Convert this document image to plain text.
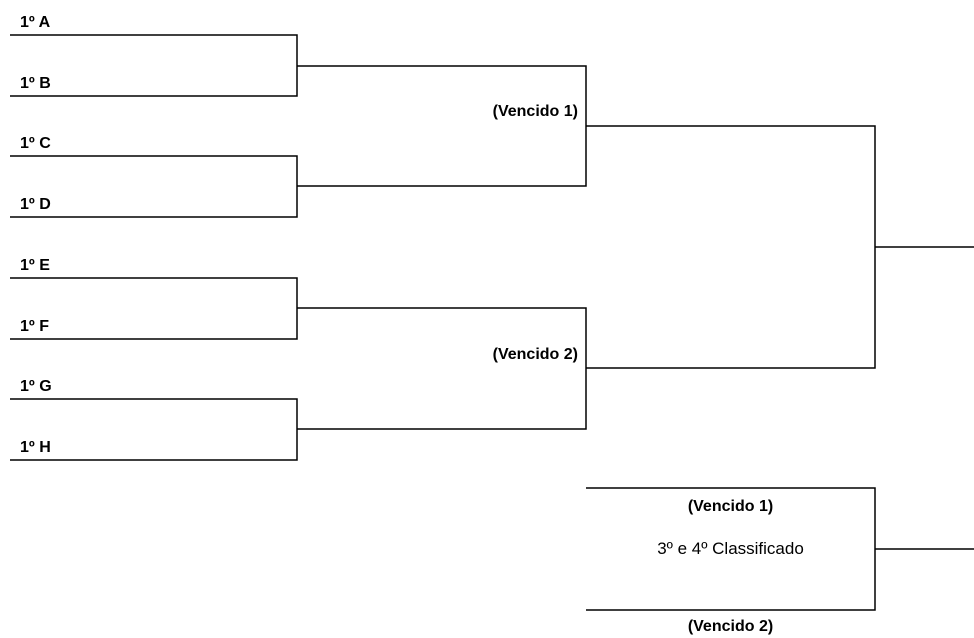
1º A
1º B
1º C
1º D
1º E
1º F
1º G
1º H
(Vencido 1)
(Vencido 2)
(Vencido 1)
3º e 4º Classificado
(Vencido 2)
